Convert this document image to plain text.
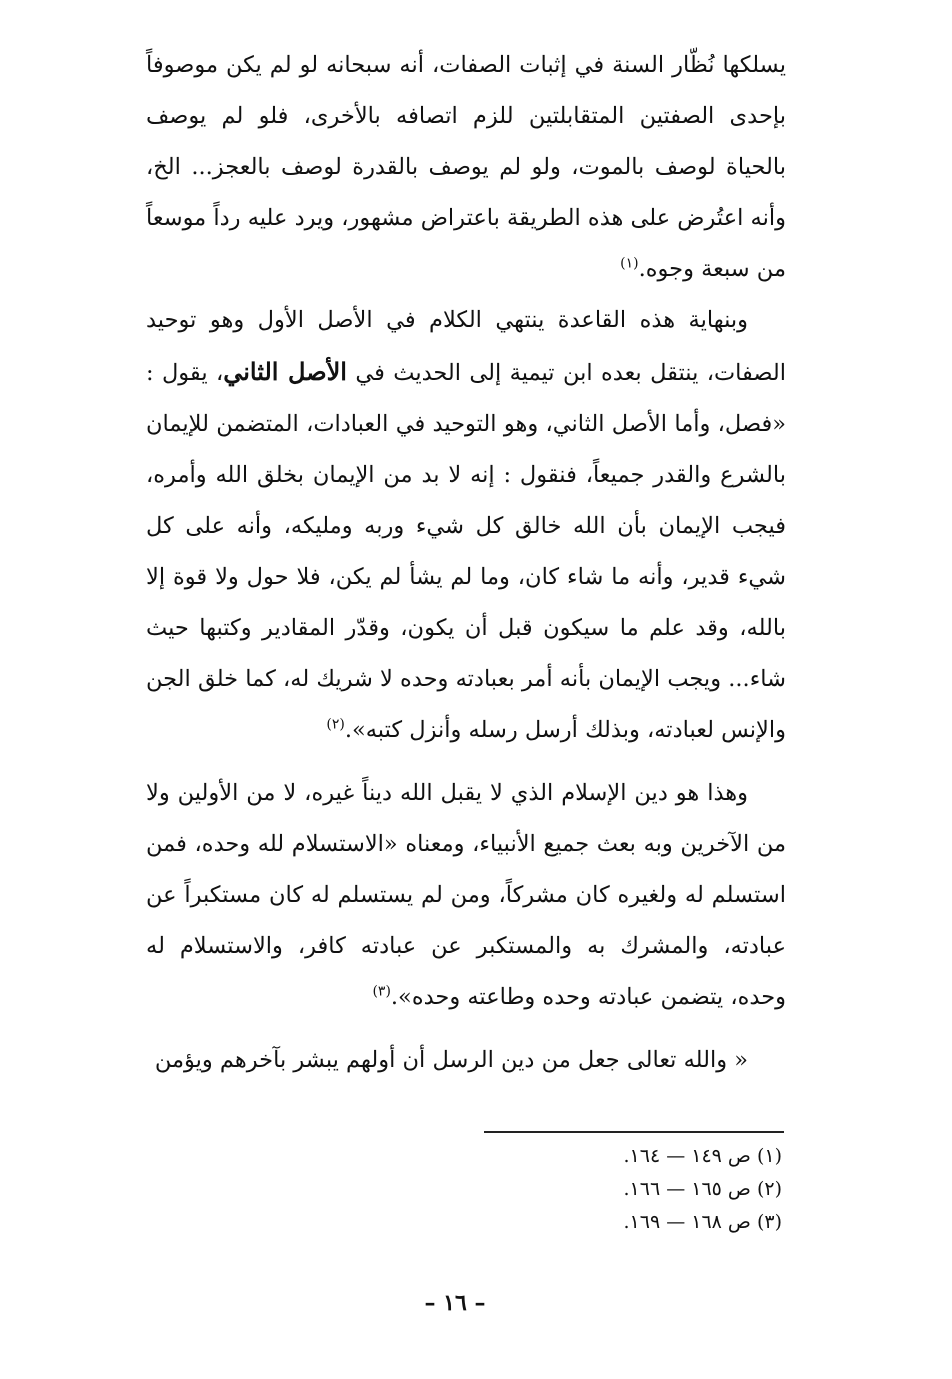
يسلكها نُظّار السنة في إثبات الصفات، أنه سبحانه لو لم يكن موصوفاً بإحدى الصفتين المتقابلتين للزم اتصافه بالأخرى، فلو لم يوصف بالحياة لوصف بالموت، ولو لم يوصف بالقدرة لوصف بالعجز... الخ، وأنه اعتُرض على هذه الطريقة باعتراض مشهور، ويرد عليه رداً موسعاً من سبعة وجوه.$^{(١)}$

وبنهاية هذه القاعدة ينتهي الكلام في الأصل الأول وهو توحيد الصفات، ينتقل بعده ابن تيمية إلى الحديث في الأصل الثاني، يقول : «فصل، وأما الأصل الثاني، وهو التوحيد في العبادات، المتضمن للإيمان بالشرع والقدر جميعاً، فنقول : إنه لا بد من الإيمان بخلق الله وأمره، فيجب الإيمان بأن الله خالق كل شيء وربه ومليكه، وأنه على كل شيء قدير، وأنه ما شاء كان، وما لم يشأ لم يكن، فلا حول ولا قوة إلا بالله، وقد علم ما سيكون قبل أن يكون، وقدّر المقادير وكتبها حيث شاء... ويجب الإيمان بأنه أمر بعبادته وحده لا شريك له، كما خلق الجن والإنس لعبادته، وبذلك أرسل رسله وأنزل كتبه».$^{(٢)}$

وهذا هو دين الإسلام الذي لا يقبل الله ديناً غيره، لا من الأولين ولا من الآخرين وبه بعث جميع الأنبياء، ومعناه «الاستسلام لله وحده، فمن استسلم له ولغيره كان مشركاً، ومن لم يستسلم له كان مستكبراً عن عبادته، والمشرك به والمستكبر عن عبادته كافر، والاستسلام له وحده، يتضمن عبادته وحده وطاعته وحده».$^{(٣)}$

« والله تعالى جعل من دين الرسل أن أولهم يبشر بآخرهم ويؤمن

(١) ص ١٤٩ — ١٦٤.

(٢) ص ١٦٥ — ١٦٦.

(٣) ص ١٦٨ — ١٦٩.

– ١٦ –
